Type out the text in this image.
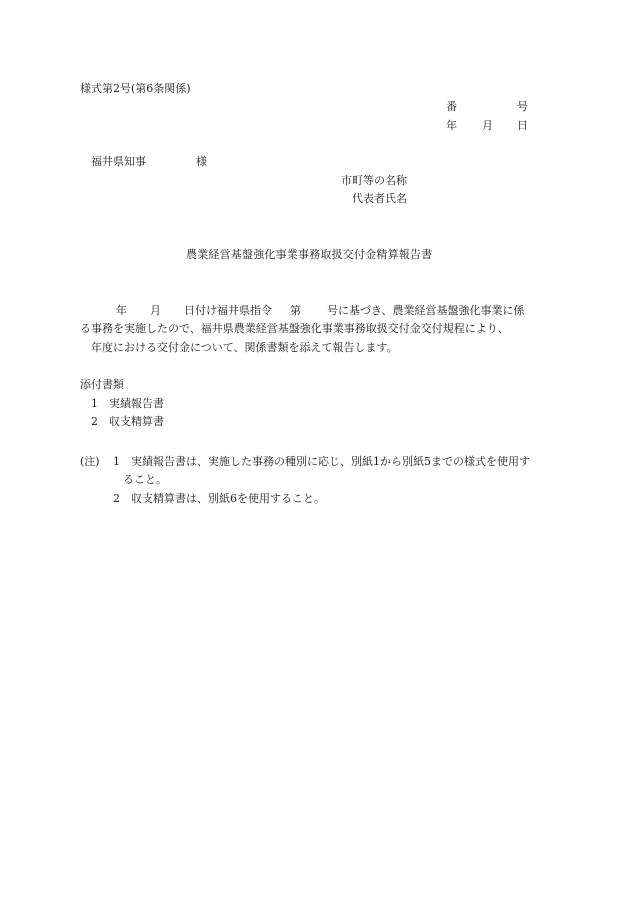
様式第2号(第6条関係)
番	号
年 月 日
福井県知事	様
市町等の名称
代表者氏名
農業経営基盤強化事業事務取扱交付金精算報告書
年 月 日付け福井県指令 第 号に基づき、農業経営基盤強化事業に係
る事務を実施したので、福井県農業経営基盤強化事業事務取扱交付金交付規程により、
年度における交付金について、関係書類を添えて報告します。
添付書類
1 実績報告書
2 収支精算書
(注) 1 実績報告書は、実施した事務の種別に応じ、別紙1から別紙5までの様式を使用す
ること。
2 収支精算書は、別紙6を使用すること。
